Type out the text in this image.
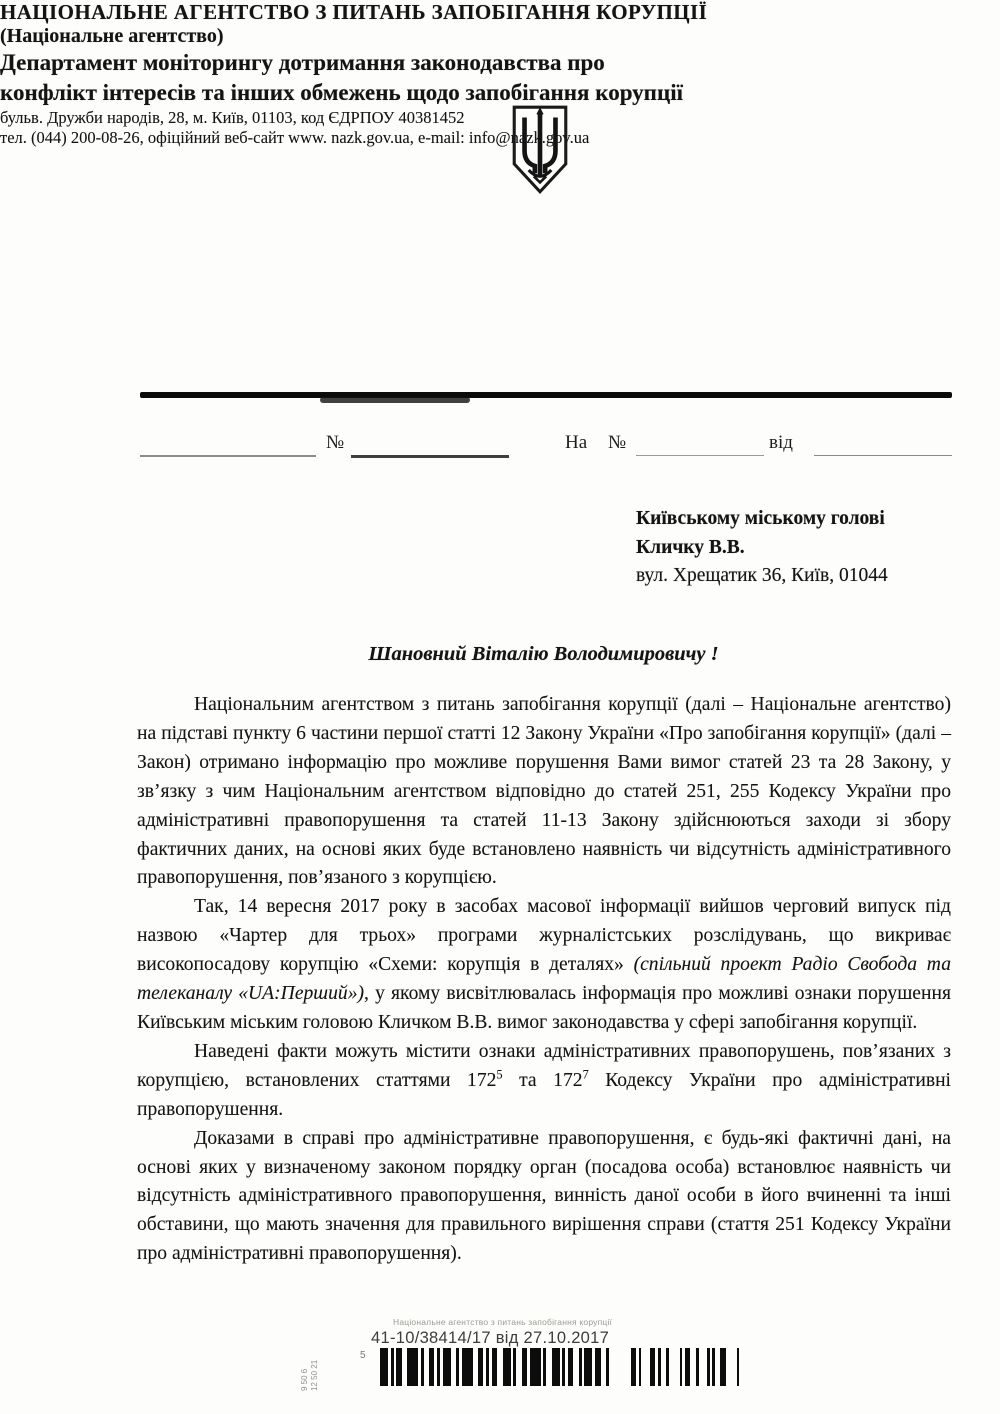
НАЦІОНАЛЬНЕ АГЕНТСТВО З ПИТАНЬ ЗАПОБІГАННЯ КОРУПЦІЇ
(Національне агентство)
Департамент моніторингу дотримання законодавства про
конфлікт інтересів та інших обмежень щодо запобігання корупції
бульв. Дружби народів, 28, м. Київ, 01103, код ЄДРПОУ 40381452
тел. (044) 200-08-26, офіційний веб-сайт www. nazk.gov.ua, e-mail: info@nazk.gov.ua
№	На №	від
Київському міському голові
Кличку В.В.
вул. Хрещатик 36, Київ, 01044
Шановний Віталію Володимировичу !

Національним агентством з питань запобігання корупції (далі – Національне агентство) на підставі пункту 6 частини першої статті 12 Закону України «Про запобігання корупції» (далі – Закон) отримано інформацію про можливе порушення Вами вимог статей 23 та 28 Закону, у зв’язку з чим Національним агентством відповідно до статей 251, 255 Кодексу України про адміністративні правопорушення та статей 11-13 Закону здійснюються заходи зі збору фактичних даних, на основі яких буде встановлено наявність чи відсутність адміністративного правопорушення, пов’язаного з корупцією.

Так, 14 вересня 2017 року в засобах масової інформації вийшов черговий випуск під назвою «Чартер для трьох» програми журналістських розслідувань, що викриває високопосадову корупцію «Схеми: корупція в деталях» (спільний проект Радіо Свобода та телеканалу «UA:Перший»), у якому висвітлювалась інформація про можливі ознаки порушення Київським міським головою Кличком В.В. вимог законодавства у сфері запобігання корупції.

Наведені факти можуть містити ознаки адміністративних правопорушень, пов’язаних з корупцією, встановлених статтями $172^5$ та $172^7$ Кодексу України про адміністративні правопорушення.

Доказами в справі про адміністративне правопорушення, є будь-які фактичні дані, на основі яких у визначеному законом порядку орган (посадова особа) встановлює наявність чи відсутність адміністративного правопорушення, винність даної особи в його вчиненні та інші обставини, що мають значення для правильного вирішення справи (стаття 251 Кодексу України про адміністративні правопорушення).

Національне агентство з питань запобігання корупції
41-10/38414/17 від 27.10.2017
9 50 6 12 50 21
5
